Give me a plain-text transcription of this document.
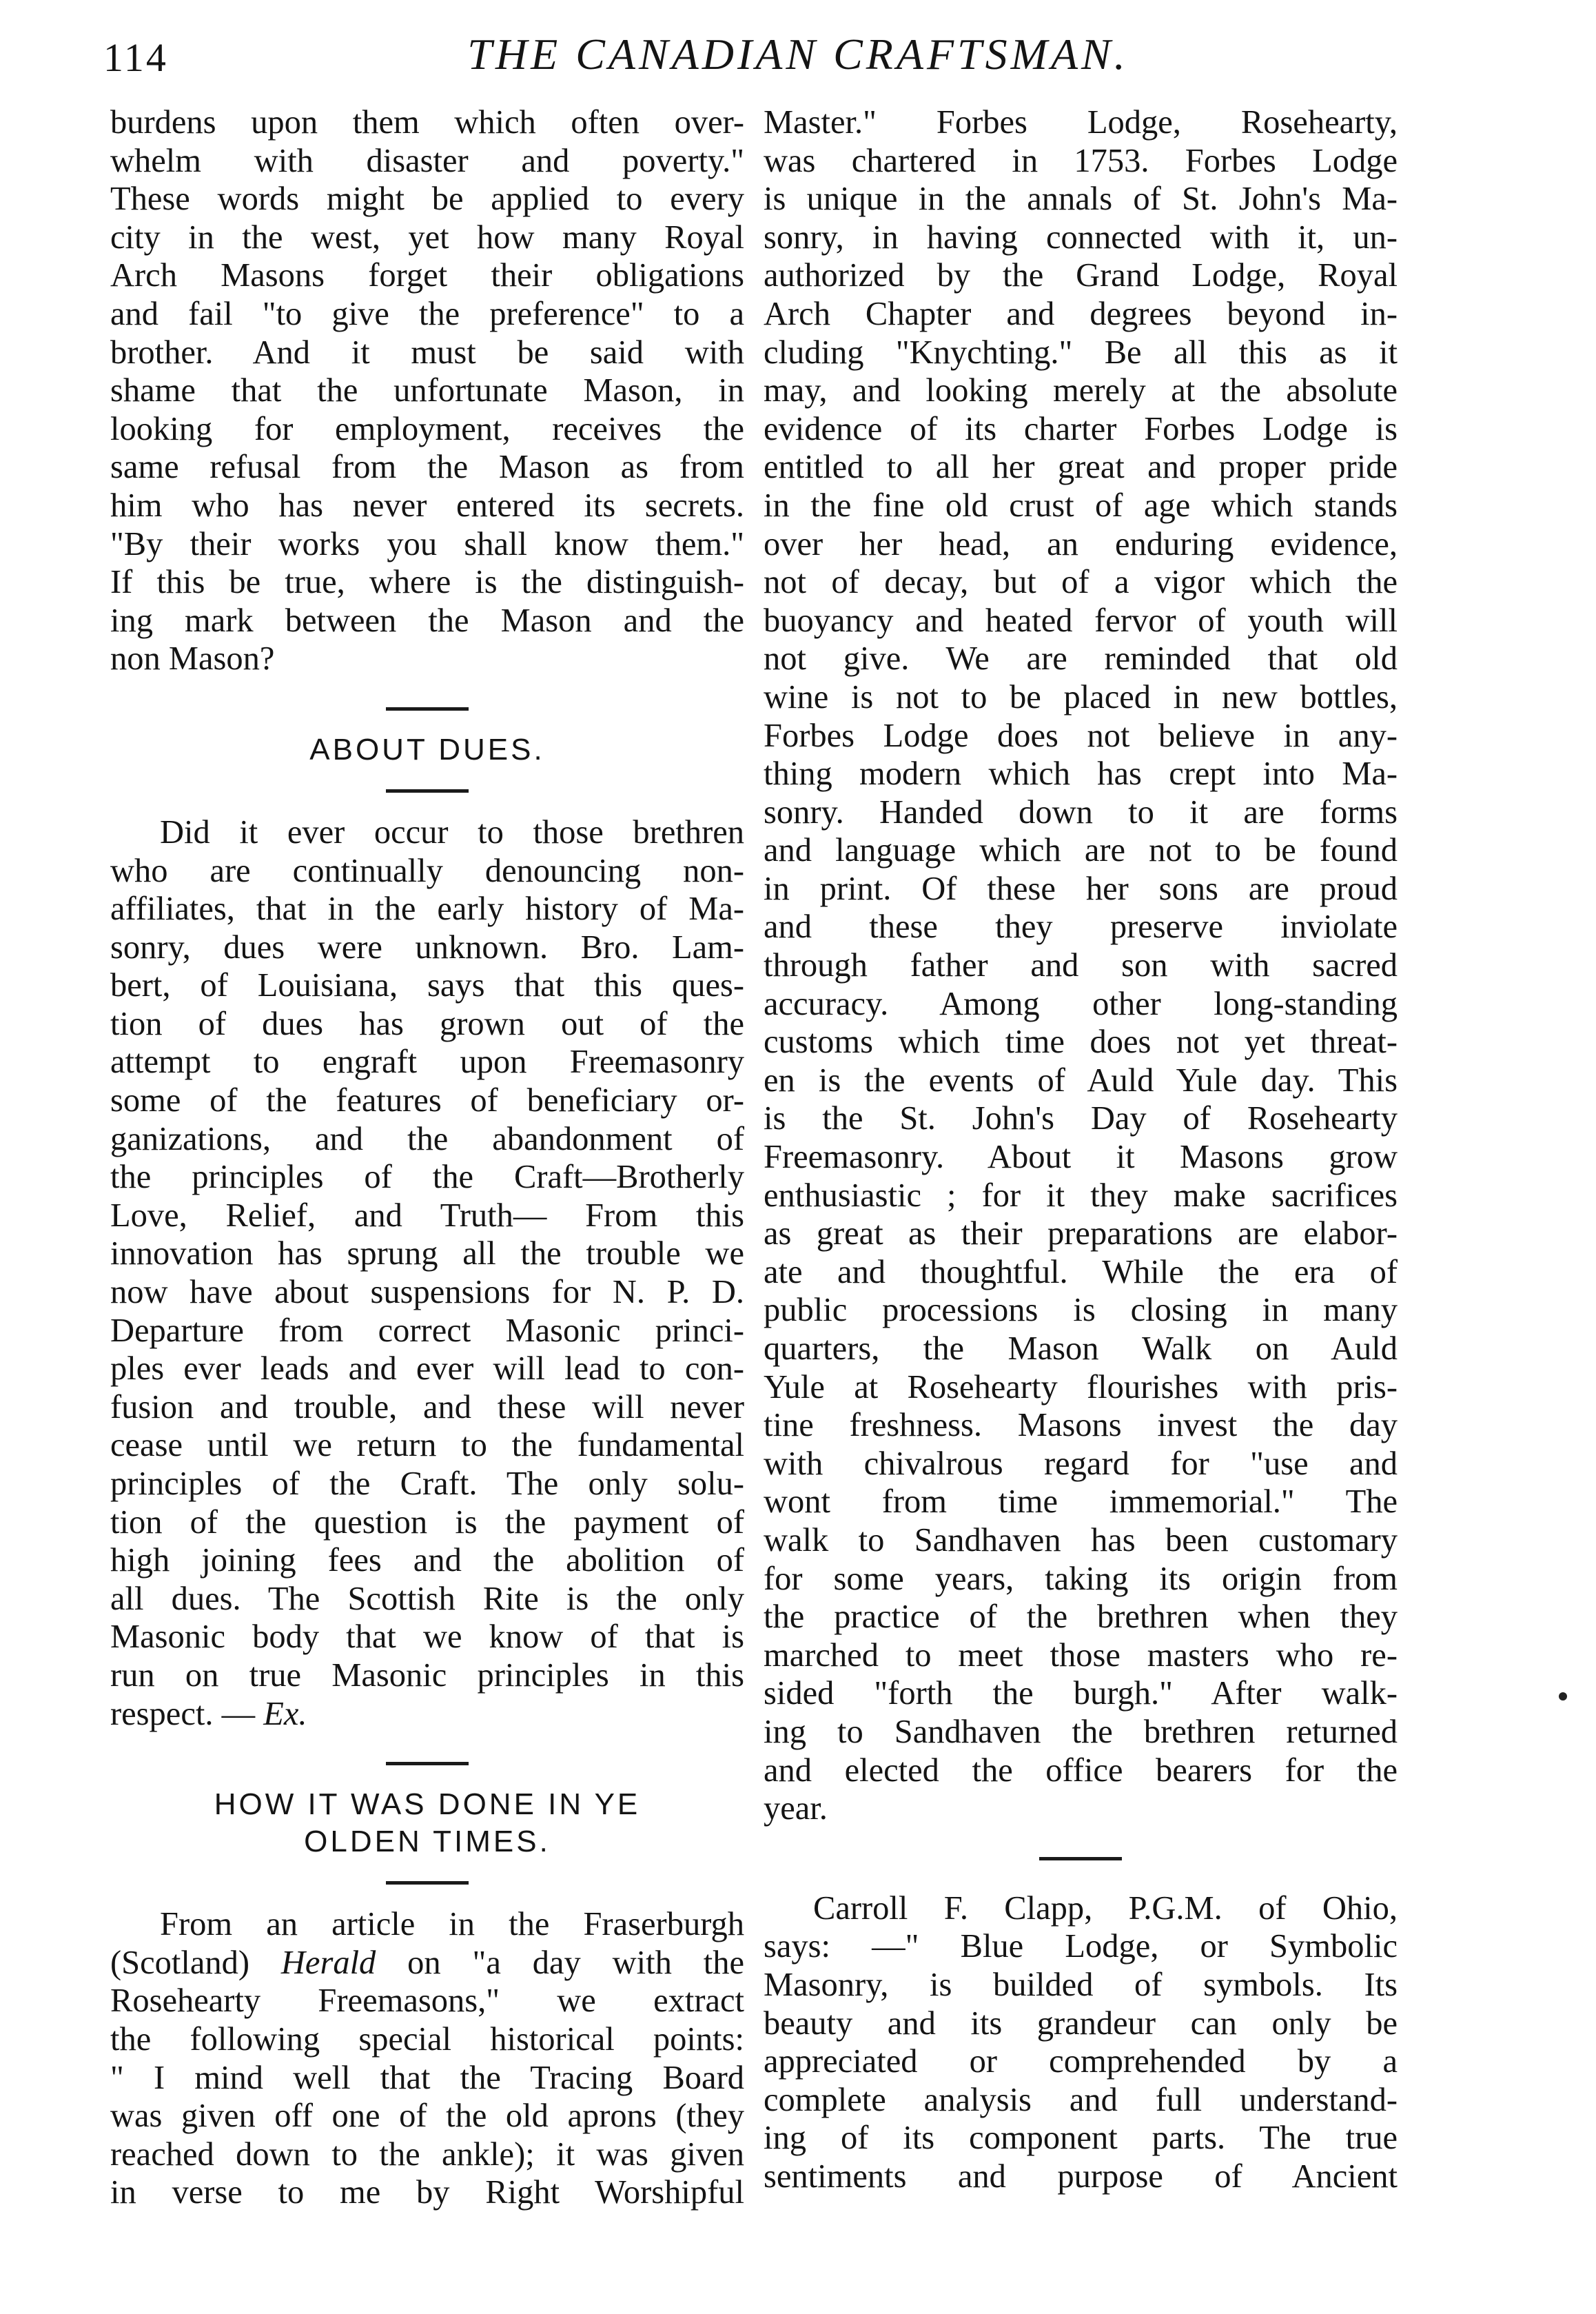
114	THE CANADIAN CRAFTSMAN.
burdens upon them which often over-
whelm with disaster and poverty."
These words might be applied to every
city in the west, yet how many Royal
Arch Masons forget their obligations
and fail "to give the preference" to a
brother. And it must be said with
shame that the unfortunate Mason, in
looking for employment, receives the
same refusal from the Mason as from
him who has never entered its secrets.
"By their works you shall know them."
If this be true, where is the distinguish-
ing mark between the Mason and the
non Mason?
ABOUT DUES.
Did it ever occur to those brethren
who are continually denouncing non-
affiliates, that in the early history of Ma-
sonry, dues were unknown. Bro. Lam-
bert, of Louisiana, says that this ques-
tion of dues has grown out of the
attempt to engraft upon Freemasonry
some of the features of beneficiary or-
ganizations, and the abandonment of
the principles of the Craft—Brotherly
Love, Relief, and Truth— From this
innovation has sprung all the trouble we
now have about suspensions for N. P. D.
Departure from correct Masonic princi-
ples ever leads and ever will lead to con-
fusion and trouble, and these will never
cease until we return to the fundamental
principles of the Craft. The only solu-
tion of the question is the payment of
high joining fees and the abolition of
all dues. The Scottish Rite is the only
Masonic body that we know of that is
run on true Masonic principles in this
respect. — Ex.
HOW IT WAS DONE IN YE
OLDEN TIMES.
From an article in the Fraserburgh
(Scotland) Herald on "a day with the
Rosehearty Freemasons," we extract
the following special historical points:
" I mind well that the Tracing Board
was given off one of the old aprons (they
reached down to the ankle); it was given
in verse to me by Right Worshipful
Master." Forbes Lodge, Rosehearty,
was chartered in 1753. Forbes Lodge
is unique in the annals of St. John's Ma-
sonry, in having connected with it, un-
authorized by the Grand Lodge, Royal
Arch Chapter and degrees beyond in-
cluding "Knychting." Be all this as it
may, and looking merely at the absolute
evidence of its charter Forbes Lodge is
entitled to all her great and proper pride
in the fine old crust of age which stands
over her head, an enduring evidence,
not of decay, but of a vigor which the
buoyancy and heated fervor of youth will
not give. We are reminded that old
wine is not to be placed in new bottles,
Forbes Lodge does not believe in any-
thing modern which has crept into Ma-
sonry. Handed down to it are forms
and language which are not to be found
in print. Of these her sons are proud
and these they preserve inviolate
through father and son with sacred
accuracy. Among other long-standing
customs which time does not yet threat-
en is the events of Auld Yule day. This
is the St. John's Day of Rosehearty
Freemasonry. About it Masons grow
enthusiastic ; for it they make sacrifices
as great as their preparations are elabor-
ate and thoughtful. While the era of
public processions is closing in many
quarters, the Mason Walk on Auld
Yule at Rosehearty flourishes with pris-
tine freshness. Masons invest the day
with chivalrous regard for "use and
wont from time immemorial." The
walk to Sandhaven has been customary
for some years, taking its origin from
the practice of the brethren when they
marched to meet those masters who re-
sided "forth the burgh." After walk-
ing to Sandhaven the brethren returned
and elected the office bearers for the
year.
Carroll F. Clapp, P.G.M. of Ohio,
says: —" Blue Lodge, or Symbolic
Masonry, is builded of symbols. Its
beauty and its grandeur can only be
appreciated or comprehended by a
complete analysis and full understand-
ing of its component parts. The true
sentiments and purpose of Ancient
